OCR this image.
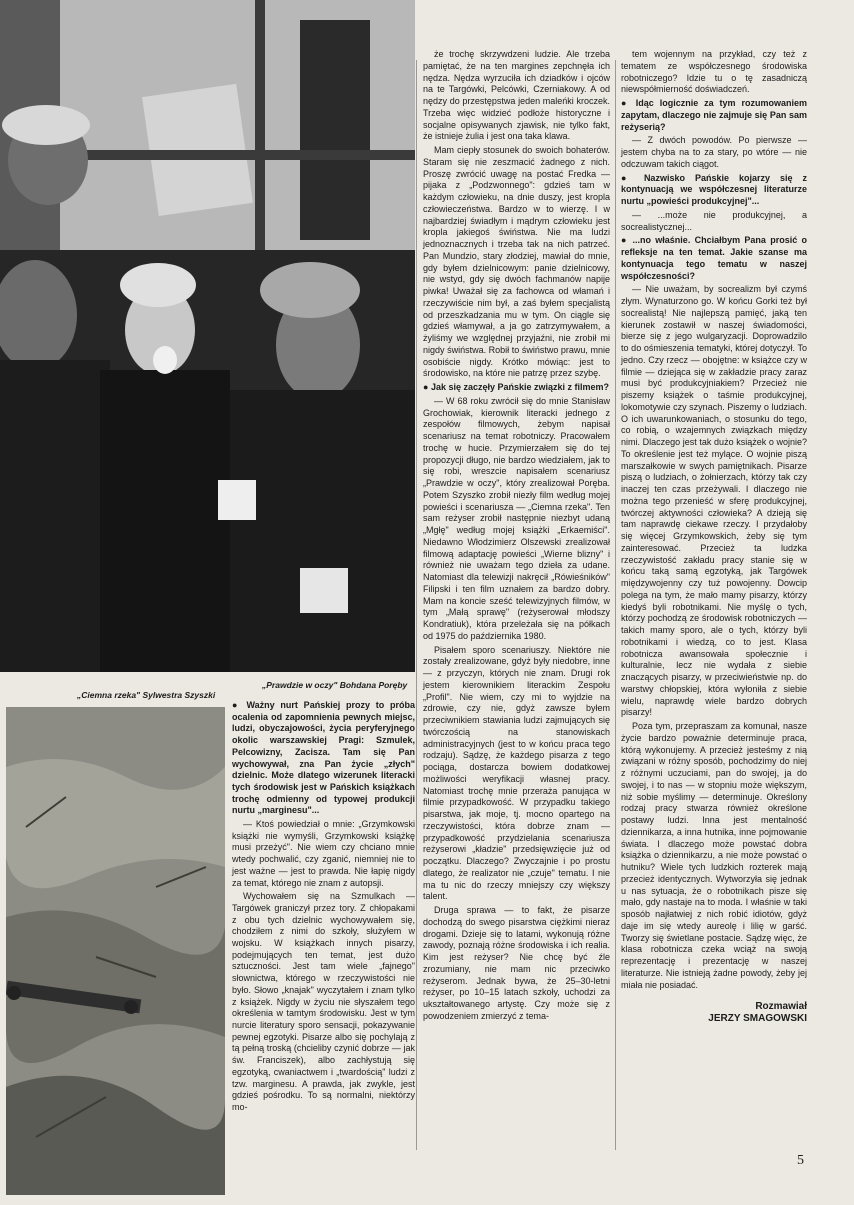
„Ciemna rzeka" Sylwestra Szyszki
„Prawdzie w oczy" Bohdana Poręby

● Ważny nurt Pańskiej prozy to próba ocalenia od zapomnienia pewnych miejsc, ludzi, obyczajowości, życia peryferyjnego okolic warszawskiej Pragi: Szmulek, Pelcowizny, Zacisza. Tam się Pan wychowywał, zna Pan życie „złych" dzielnic. Może dlatego wizerunek literacki tych środowisk jest w Pańskich książkach trochę odmienny od typowej produkcji nurtu „marginesu"...

— Ktoś powiedział o mnie: „Grzymkowski książki nie wymyśli, Grzymkowski książkę musi przeżyć". Nie wiem czy chciano mnie wtedy pochwalić, czy zganić, niemniej nie to jest ważne — jest to prawda. Nie łapię nigdy za temat, którego nie znam z autopsji.

Wychowałem się na Szmulkach — Targówek graniczył przez tory. Z chłopakami z obu tych dzielnic wychowywałem się, chodziłem z nimi do szkoły, służyłem w wojsku. W książkach innych pisarzy, podejmujących ten temat, jest dużo sztuczności. Jest tam wiele „fajnego" słownictwa, którego w rzeczywistości nie było. Słowo „knajak" wyczytałem i znam tylko z książek. Nigdy w życiu nie słyszałem tego określenia w tamtym środowisku. Jest w tym nurcie literatury sporo sensacji, pokazywanie pewnej egzotyki. Pisarze albo się pochylają z tą pełną troską (chcieliby czynić dobrze — jak św. Franciszek), albo zachłystują się egzotyką, cwaniactwem i „twardością" ludzi z tzw. marginesu. A prawda, jak zwykle, jest gdzieś pośrodku. To są normalni, niektórzy mo-

że trochę skrzywdzeni ludzie. Ale trzeba pamiętać, że na ten margines zepchnęła ich nędza. Nędza wyrzuciła ich dziadków i ojców na te Targówki, Pelcówki, Czerniakowy. A od nędzy do przestępstwa jeden maleńki kroczek. Trzeba więc widzieć podłoże historyczne i socjalne opisywanych zjawisk, nie tylko fakt, że istnieje żulia i jest ona taka klawa.

Mam ciepły stosunek do swoich bohaterów. Staram się nie zeszmacić żadnego z nich. Proszę zwrócić uwagę na postać Fredka — pijaka z „Podzwonnego": gdzieś tam w każdym człowieku, na dnie duszy, jest kropla człowieczeństwa. Bardzo w to wierzę. I w najbardziej świadłym i mądrym człowieku jest kropla jakiegoś świństwa. Nie ma ludzi jednoznacznych i trzeba tak na nich patrzeć. Pan Mundzio, stary złodziej, mawiał do mnie, gdy byłem dzielnicowym: panie dzielnicowy, nie wstyd, gdy się dwóch fachmanów napije piwka! Uważał się za fachowca od włamań i rzeczywiście nim był, a zaś byłem specjalistą od przeszkadzania mu w tym. On ciągle się gdzieś włamywał, a ja go zatrzymywałem, a żyliśmy we względnej przyjaźni, nie zrobił mi nigdy świństwa. Robił to świństwo prawu, mnie osobiście nigdy. Krótko mówiąc: jest to środowisko, na które nie patrzę przez szybę.

● Jak się zaczęły Pańskie związki z filmem?

— W 68 roku zwrócił się do mnie Stanisław Grochowiak, kierownik literacki jednego z zespołów filmowych, żebym napisał scenariusz na temat robotniczy. Pracowałem trochę w hucie. Przymierzałem się do tej propozycji długo, nie bardzo wiedziałem, jak to się robi, wreszcie napisałem scenariusz „Prawdzie w oczy", który zrealizował Poręba. Potem Szyszko zrobił niezły film według mojej powieści i scenariusza — „Ciemna rzeka". Ten sam reżyser zrobił następnie niezbyt udaną „Mgłę" według mojej książki „Erkaemiści". Niedawno Włodzimierz Olszewski zrealizował filmową adaptację powieści „Wierne blizny" i również nie uważam tego dzieła za udane. Natomiast dla telewizji nakręcił „Rówieśników" Filipski i ten film uznałem za bardzo dobry. Mam na koncie sześć telewizyjnych filmów, w tym „Małą sprawę" (reżyserował młodszy Kondratiuk), która przeleżała się na półkach od 1975 do października 1980.

Pisałem sporo scenariuszy. Niektóre nie zostały zrealizowane, gdyż były niedobre, inne — z przyczyn, których nie znam. Drugi rok jestem kierownikiem literackim Zespołu „Profil". Nie wiem, czy mi to wyjdzie na zdrowie, czy nie, gdyż zawsze byłem przeciwnikiem stawiania ludzi zajmujących się twórczością na stanowiskach administracyjnych (jest to w końcu praca tego rodzaju). Sądzę, że każdego pisarza z tego pociąga, dostarcza bowiem dodatkowej możliwości weryfikacji własnej pracy. Natomiast trochę mnie przeraża panująca w filmie przypadkowość. W przypadku takiego pisarstwa, jak moje, tj. mocno opartego na rzeczywistości, która dobrze znam — przypadkowość przydzielania scenariusza reżyserowi „kładzie" przedsięwzięcie już od początku. Dlaczego? Zwyczajnie i po prostu dlatego, że realizator nie „czuje" tematu. I nie ma tu nic do rzeczy mniejszy czy większy talent.

Druga sprawa — to fakt, że pisarze dochodzą do swego pisarstwa ciężkimi nieraz drogami. Dzieje się to latami, wykonują różne zawody, poznają różne środowiska i ich realia. Kim jest reżyser? Nie chcę być źle zrozumiany, nie mam nic przeciwko reżyserom. Jednak bywa, że 25–30-letni reżyser, po 10–15 latach szkoły, uchodzi za ukształtowanego artystę. Czy może się z powodzeniem zmierzyć z tema-

tem wojennym na przykład, czy też z tematem ze współczesnego środowiska robotniczego? Idzie tu o tę zasadniczą niewspółmierność doświadczeń.

● Idąc logicznie za tym rozumowaniem zapytam, dlaczego nie zajmuje się Pan sam reżyserią?

— Z dwóch powodów. Po pierwsze — jestem chyba na to za stary, po wtóre — nie odczuwam takich ciągot.

● Nazwisko Pańskie kojarzy się z kontynuacją we współczesnej literaturze nurtu „powieści produkcyjnej"...

— ...może nie produkcyjnej, a socrealistycznej...

● ...no właśnie. Chciałbym Pana prosić o refleksje na ten temat. Jakie szanse ma kontynuacja tego tematu w naszej współczesności?

— Nie uważam, by socrealizm był czymś złym. Wynaturzono go. W końcu Gorki też był socrealistą! Nie najlepszą pamięć, jaką ten kierunek zostawił w naszej świadomości, bierze się z jego wulgaryzacji. Doprowadzilo to do ośmieszenia tematyki, której dotyczył. To jedno. Czy rzecz — obojętne: w książce czy w filmie — dziejąca się w zakładzie pracy zaraz musi być produkcyjniakiem? Przecież nie piszemy książek o taśmie produkcyjnej, lokomotywie czy szynach. Piszemy o ludziach. O ich uwarunkowaniach, o stosunku do tego, co robią, o wzajemnych związkach między nimi. Dlaczego jest tak dużo książek o wojnie? To określenie jest też mylące. O wojnie piszą marszałkowie w swych pamiętnikach. Pisarze piszą o ludziach, o żołnierzach, którzy tak czy inaczej ten czas przeżywali. I dlaczego nie można tego przenieść w sferę produkcyjnej, twórczej aktywności człowieka? A dzieją się tam naprawdę ciekawe rzeczy. I przydałoby się więcej Grzymkowskich, żeby się tym zainteresować. Przecież ta ludzka rzeczywistość zakładu pracy stanie się w końcu taką samą egzotyką, jak Targówek międzywojenny czy tuż powojenny. Dowcip polega na tym, że mało mamy pisarzy, którzy kiedyś byli robotnikami. Nie myślę o tych, którzy pochodzą ze środowisk robotniczych — takich mamy sporo, ale o tych, którzy byli robotnikami i wiedzą, co to jest. Klasa robotnicza awansowała społecznie i kulturalnie, lecz nie wydała z siebie znaczących pisarzy, w przeciwieństwie np. do warstwy chłopskiej, która wyłoniła z siebie wielu, naprawdę wiele bardzo dobrych pisarzy!

Poza tym, przepraszam za komunał, nasze życie bardzo poważnie determinuje praca, którą wykonujemy. A przecież jesteśmy z nią związani w różny sposób, pochodzimy do niej z różnymi uczuciami, pan do swojej, ja do swojej, i to nas — w stopniu może większym, niż sobie myślimy — determinuje. Określony rodzaj pracy stwarza również określone postawy ludzi. Inna jest mentalność dziennikarza, a inna hutnika, inne pojmowanie świata. I dlaczego może powstać dobra książka o dziennikarzu, a nie może powstać o hutniku? Wiele tych ludzkich rozterek mają przecież identycznych. Wytworzyła się jednak u nas sytuacja, że o robotnikach pisze się mało, gdy nastaje na to moda. I właśnie w taki sposób najłatwiej z nich robić idiotów, gdyż daje im się wtedy aureolę i lilię w garść. Tworzy się świetlane postacie. Sądzę więc, że klasa robotnicza czeka wciąż na swoją reprezentację i prezentację w naszej literaturze. Nie istnieją żadne powody, żeby jej miała nie posiadać.

Rozmawiał
JERZY SMAGOWSKI
5
